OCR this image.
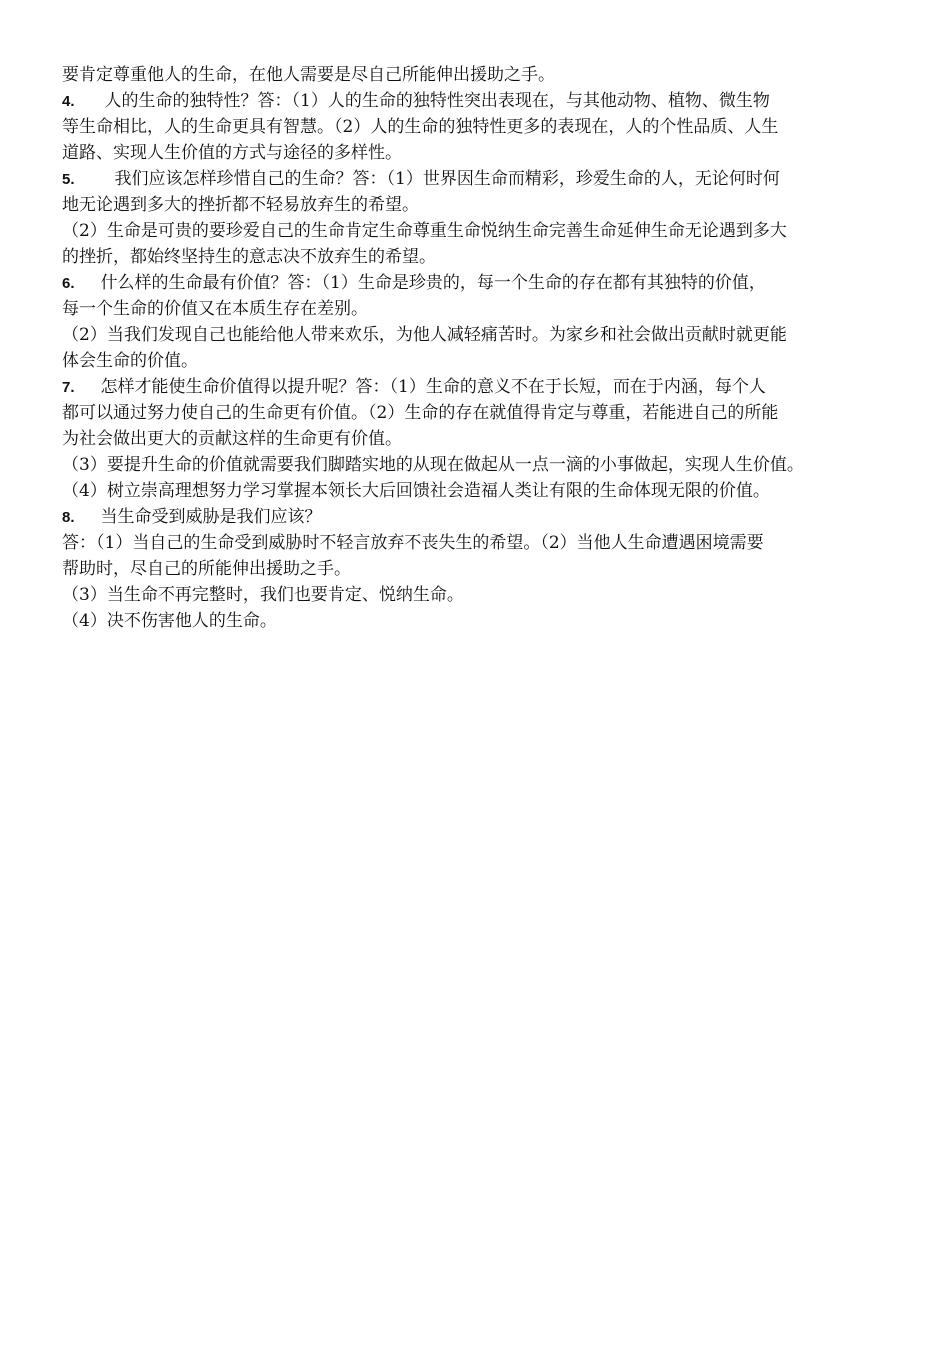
要肯定尊重他人的生命，在他人需要是尽自己所能伸出援助之手。
4. 人的生命的独特性？答：（1）人的生命的独特性突出表现在，与其他动物、植物、微生物
等生命相比，人的生命更具有智慧。（2）人的生命的独特性更多的表现在，人的个性品质、人生
道路、实现人生价值的方式与途径的多样性。
5. 我们应该怎样珍惜自己的生命？答：（1）世界因生命而精彩，珍爱生命的人，无论何时何
地无论遇到多大的挫折都不轻易放弃生的希望。
（2）生命是可贵的要珍爱自己的生命肯定生命尊重生命悦纳生命完善生命延伸生命无论遇到多大
的挫折，都始终坚持生的意志决不放弃生的希望。
6. 什么样的生命最有价值？答：（1）生命是珍贵的，每一个生命的存在都有其独特的价值，
每一个生命的价值又在本质生存在差别。
（2）当我们发现自己也能给他人带来欢乐，为他人减轻痛苦时。为家乡和社会做出贡献时就更能
体会生命的价值。
7. 怎样才能使生命价值得以提升呢？答：（1）生命的意义不在于长短，而在于内涵，每个人
都可以通过努力使自己的生命更有价值。（2）生命的存在就值得肯定与尊重，若能进自己的所能
为社会做出更大的贡献这样的生命更有价值。
（3）要提升生命的价值就需要我们脚踏实地的从现在做起从一点一滴的小事做起，实现人生价值。
（4）树立崇高理想努力学习掌握本领长大后回馈社会造福人类让有限的生命体现无限的价值。
8. 当生命受到威胁是我们应该？
答：（1）当自己的生命受到威胁时不轻言放弃不丧失生的希望。（2）当他人生命遭遇困境需要
帮助时，尽自己的所能伸出援助之手。
（3）当生命不再完整时，我们也要肯定、悦纳生命。
（4）决不伤害他人的生命。
